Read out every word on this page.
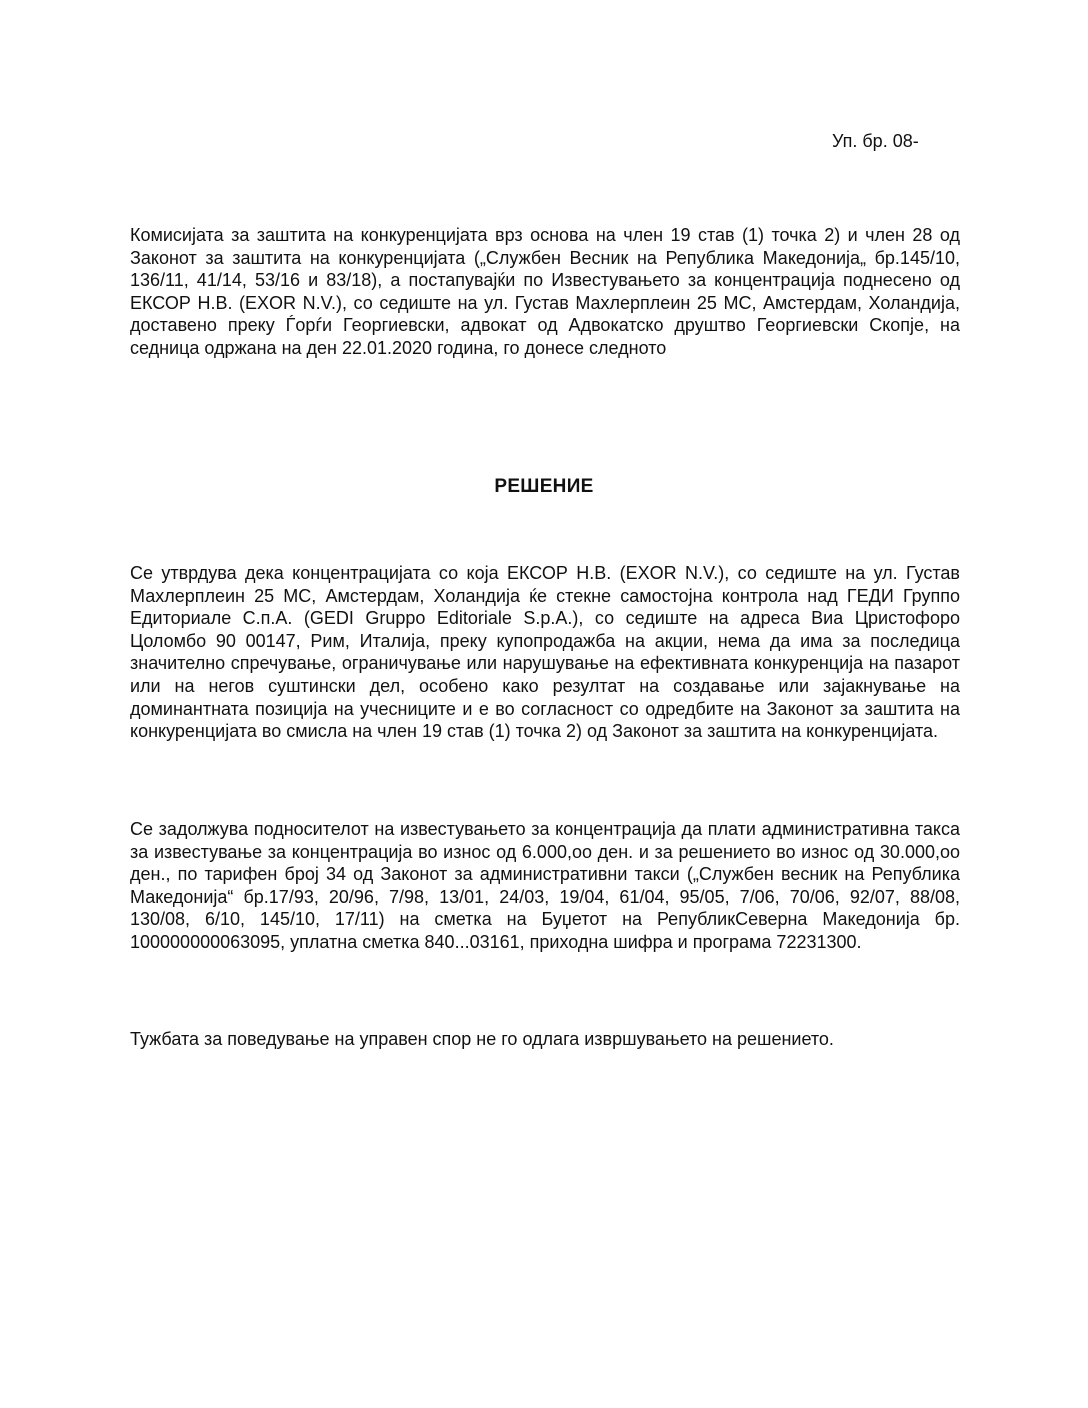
Уп. бр. 08-

Комисијата за заштита на конкуренцијата врз основа на член 19 став (1) точка 2) и член 28 од Законот за заштита на конкуренцијата („Службен Весник на Република Македонија„ бр.145/10, 136/11, 41/14, 53/16 и 83/18), а постапувајќи по Известувањето за концентрација поднесено од ЕКСОР Н.В. (EXOR N.V.), со седиште на ул. Густав Махлерплеин 25 МС, Амстердам, Холандија, доставено преку Ѓорѓи Георгиевски, адвокат од Адвокатско друштво Георгиевски Скопје, на седница одржана на ден 22.01.2020 година, го донесе следното

РЕШЕНИЕ

Се утврдува дека концентрацијата со која ЕКСОР Н.В. (EXOR N.V.), со седиште на ул. Густав Махлерплеин 25 МС, Амстердам, Холандија ќе стекне самостојна контрола над ГЕДИ Группо Едиториале С.п.А. (GEDI Gruppo Editoriale S.p.A.), со седиште на адреса Виа Цристофоро Цоломбо 90 00147, Рим, Италија, преку купопродажба на акции, нема да има за последица значително спречување, ограничување или нарушување на ефективната конкуренција на пазарот или на негов суштински дел, особено како резултат на создавање или зајакнување на доминантната позиција на учесниците и е во согласност со одредбите на Законот за заштита на конкуренцијата во смисла на член 19 став (1) точка 2) од Законот за заштита на конкуренцијата.

Се задолжува подносителот на известувањето за концентрација да плати административна такса за известување за концентрација во износ од 6.000,оо ден. и за решението во износ од 30.000,оо ден., по тарифен број 34 од Законот за административни такси („Службен весник на Република Македонија“ бр.17/93, 20/96, 7/98, 13/01, 24/03, 19/04, 61/04, 95/05, 7/06, 70/06, 92/07, 88/08, 130/08, 6/10, 145/10, 17/11) на сметка на Буџетот на РепубликСеверна Македонија бр. 100000000063095, уплатна сметка 840...03161, приходна шифра и програма 72231300.

Тужбата за поведување на управен спор не го одлага извршувањето на решението.
